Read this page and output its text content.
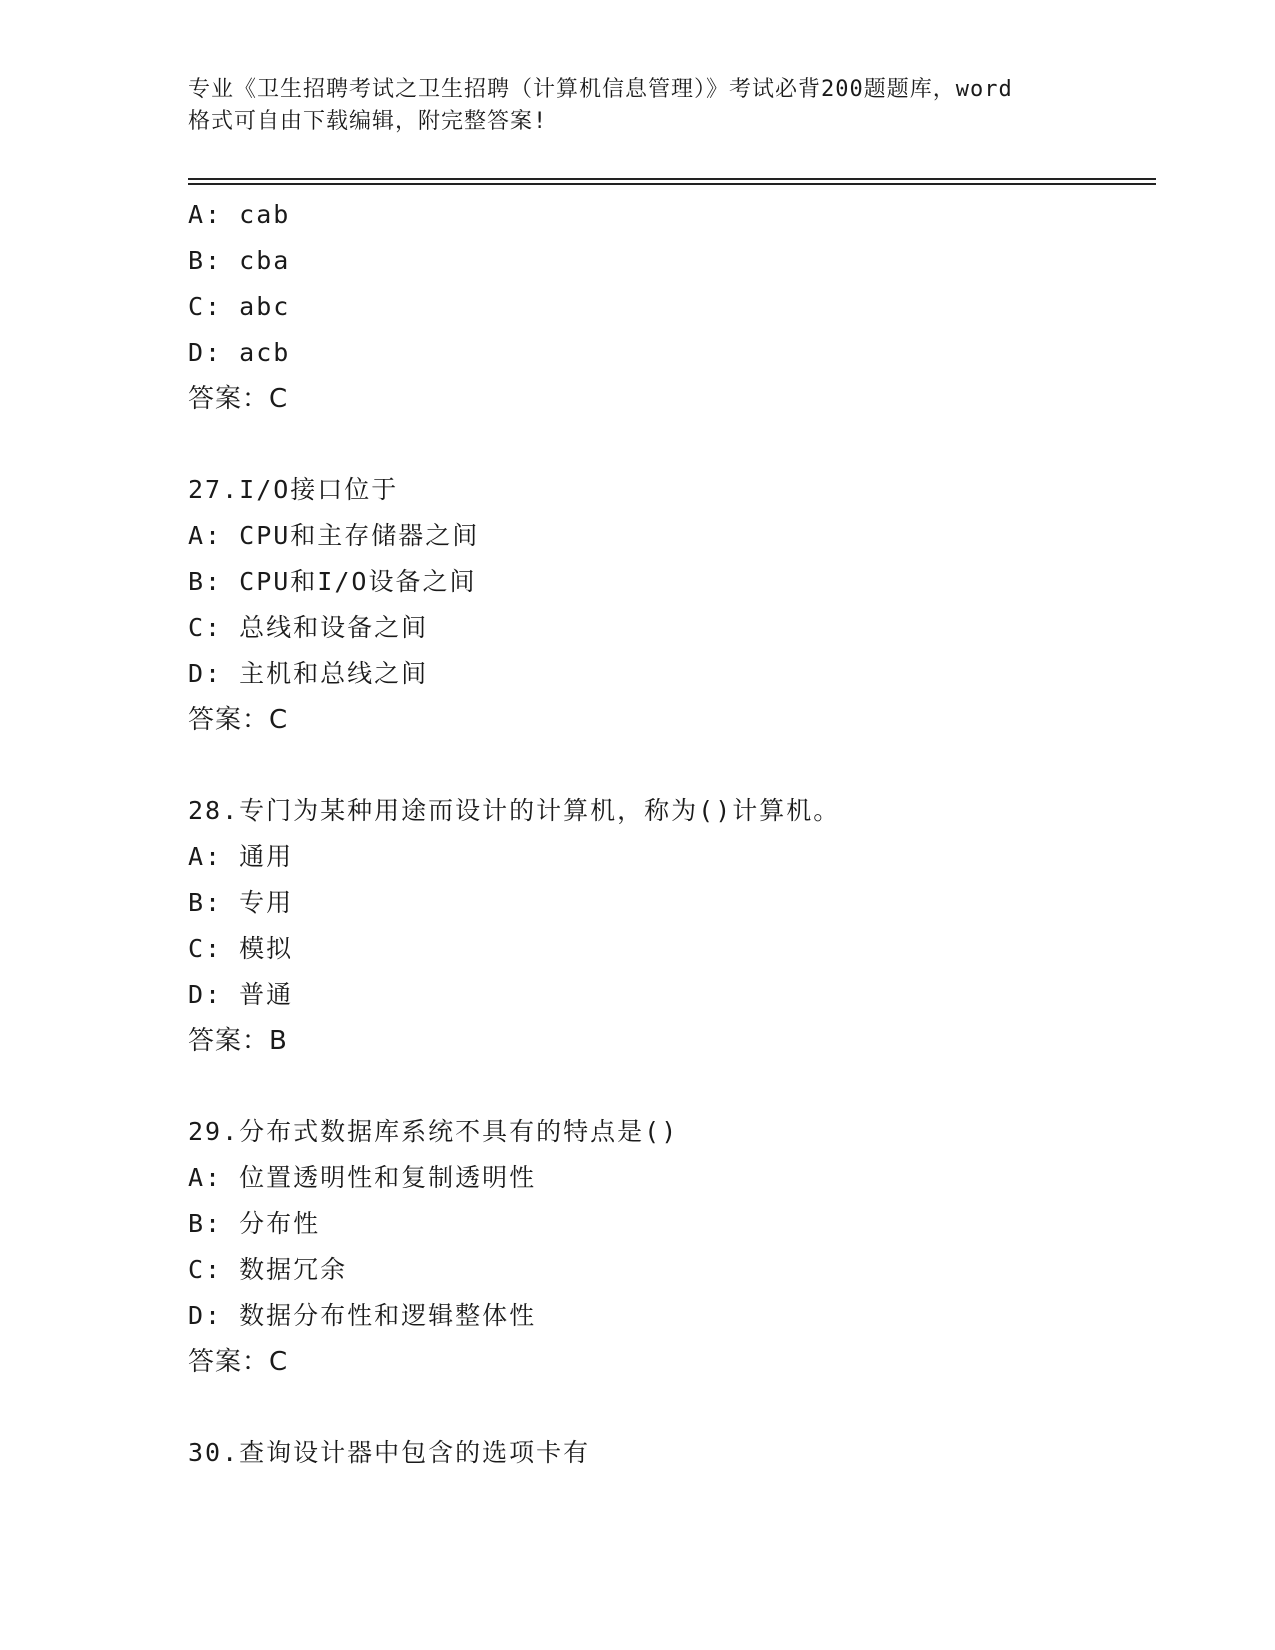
专业《卫生招聘考试之卫生招聘（计算机信息管理）》考试必背200题题库，word
格式可自由下载编辑，附完整答案!
A: cab
B: cba
C: abc
D: acb
答案：C
27.I/O接口位于
A: CPU和主存储器之间
B: CPU和I/O设备之间
C: 总线和设备之间
D: 主机和总线之间
答案：C
28.专门为某种用途而设计的计算机，称为()计算机。
A: 通用
B: 专用
C: 模拟
D: 普通
答案：B
29.分布式数据库系统不具有的特点是()
A: 位置透明性和复制透明性
B: 分布性
C: 数据冗余
D: 数据分布性和逻辑整体性
答案：C
30.查询设计器中包含的选项卡有
